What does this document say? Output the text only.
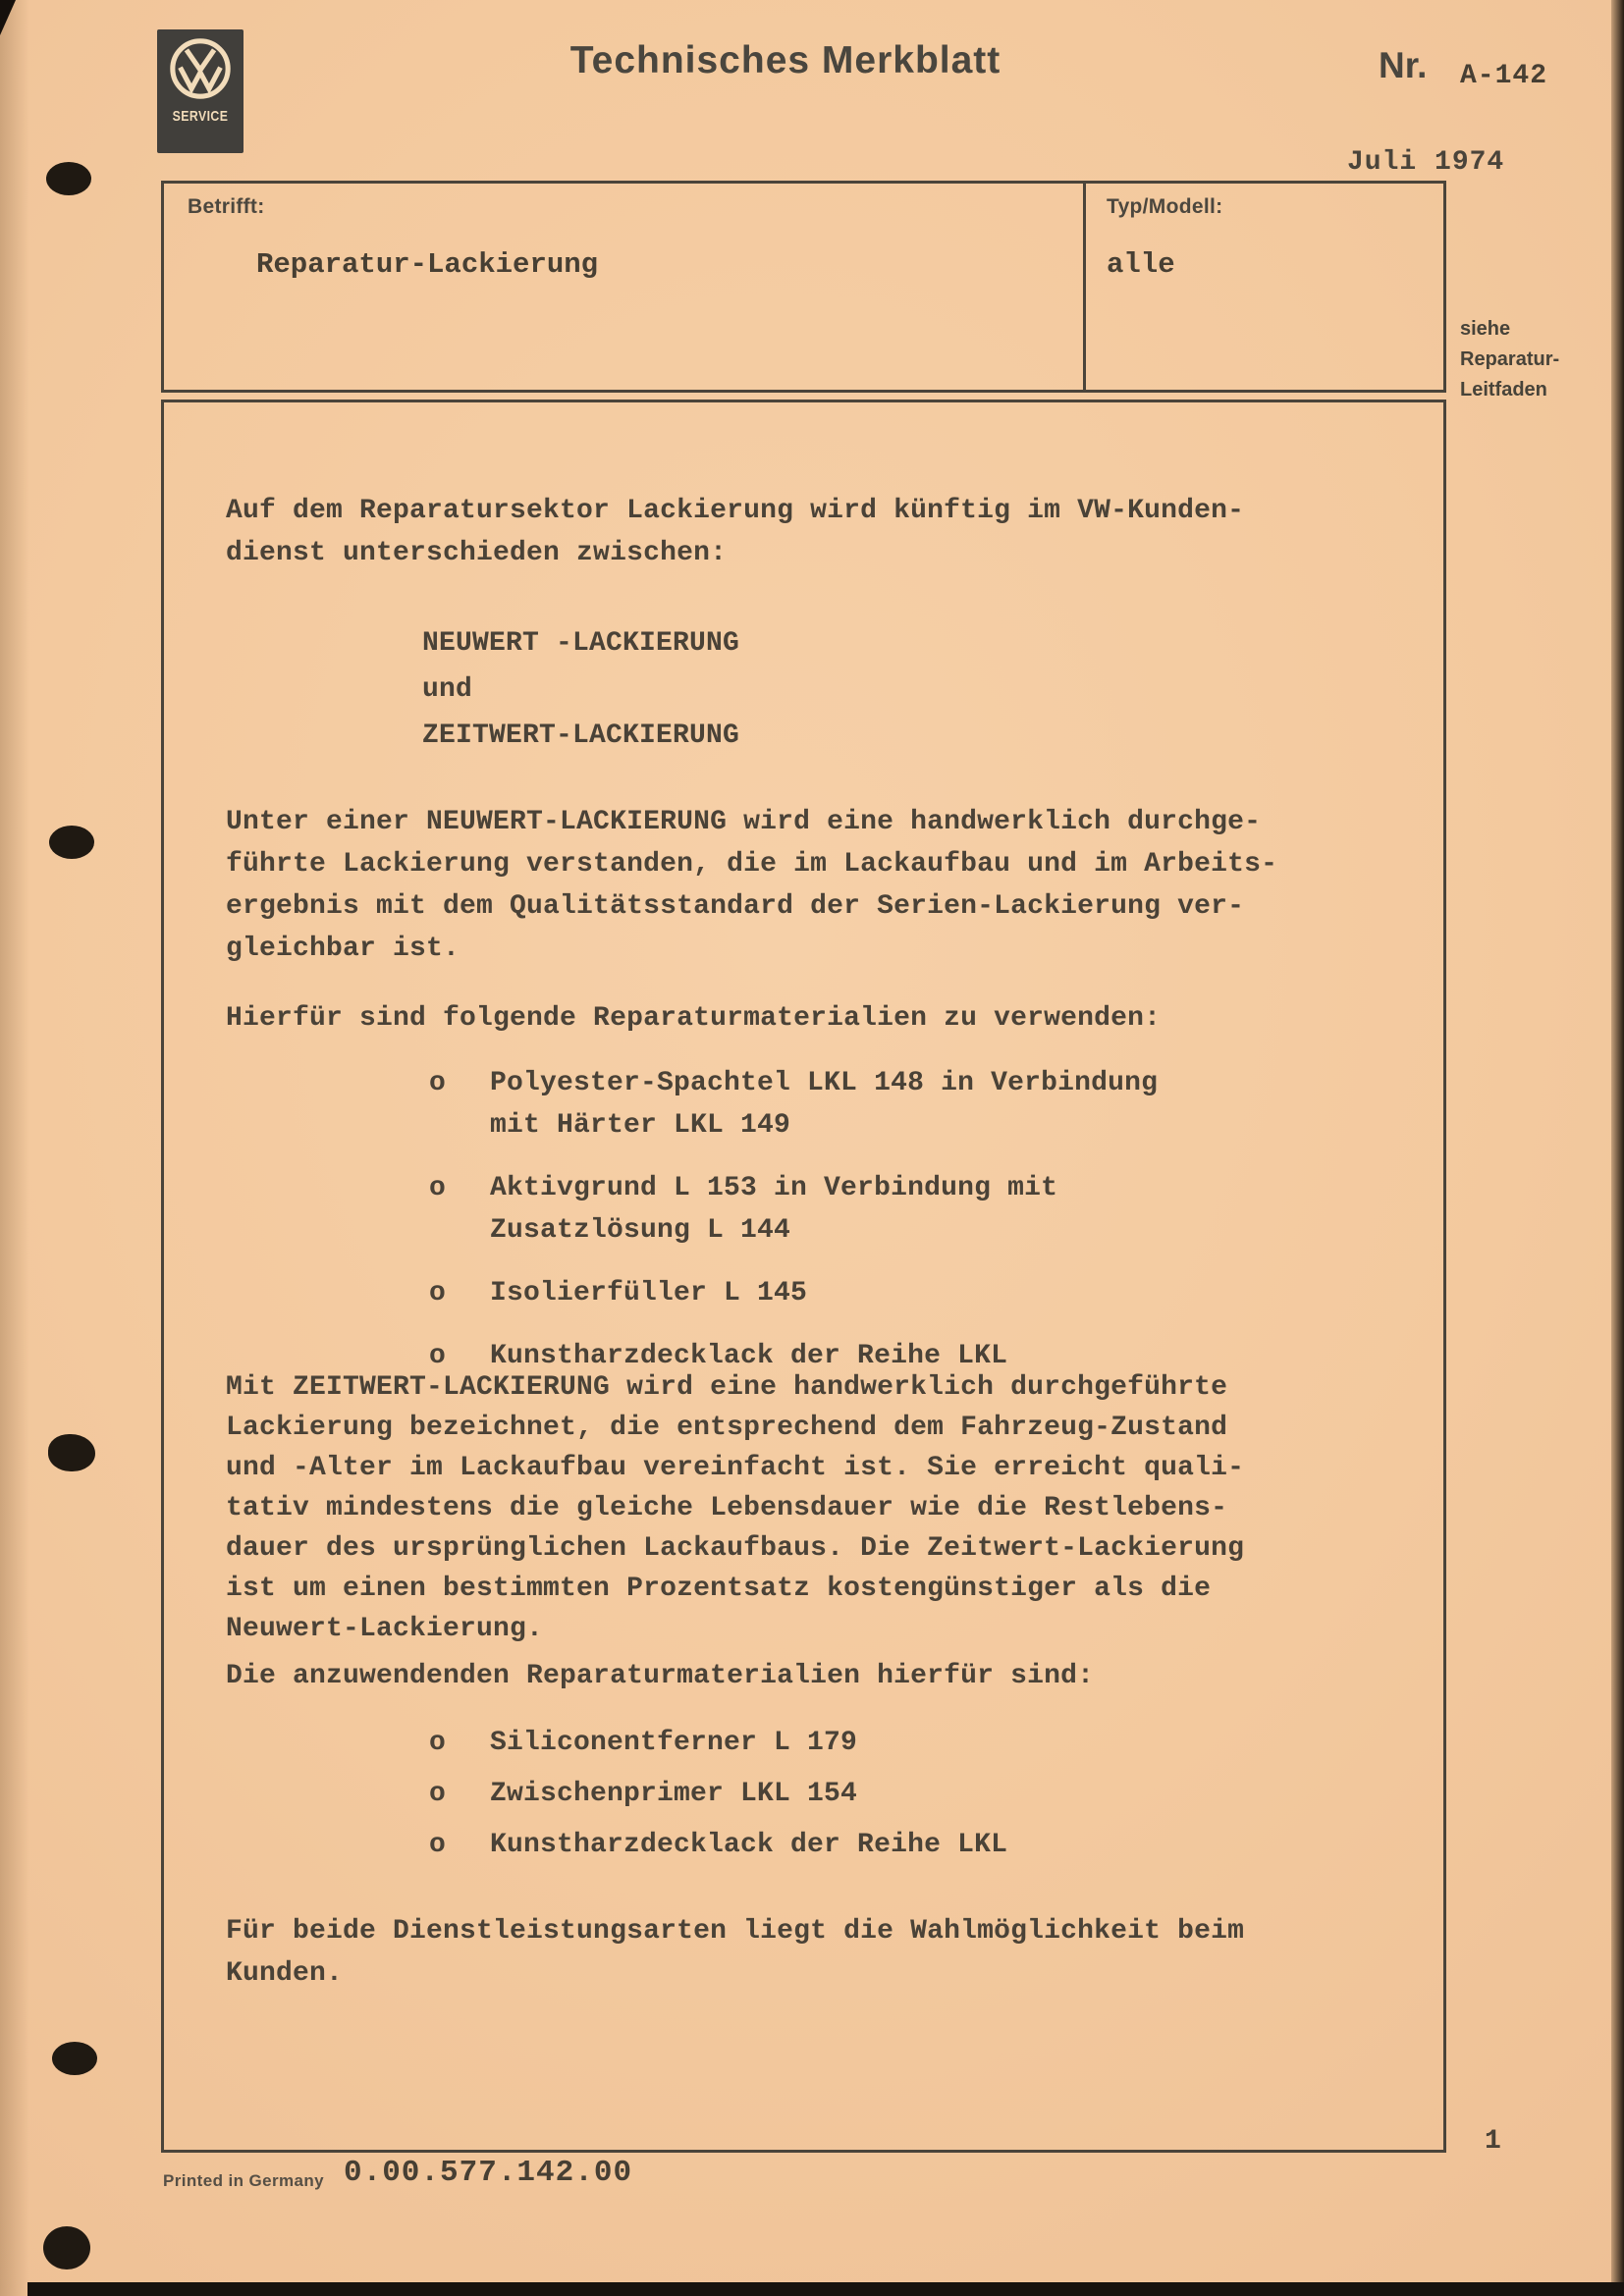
SERVICE
Technisches Merkblatt	Nr. A-142
Juli 1974
Betrifft:
Reparatur-Lackierung
Typ/Modell:
alle
siehe
Reparatur-
Leitfaden
Auf dem Reparatursektor Lackierung wird künftig im VW-Kunden-
dienst unterschieden zwischen:
NEUWERT -LACKIERUNG
und
ZEITWERT-LACKIERUNG
Unter einer NEUWERT-LACKIERUNG wird eine handwerklich durchge-
führte Lackierung verstanden, die im Lackaufbau und im Arbeits-
ergebnis mit dem Qualitätsstandard der Serien-Lackierung ver-
gleichbar ist.
Hierfür sind folgende Reparaturmaterialien zu verwenden:
o	Polyester-Spachtel LKL 148 in Verbindung
mit Härter LKL 149
o	Aktivgrund L 153 in Verbindung mit
Zusatzlösung L 144
o	Isolierfüller L 145
o	Kunstharzdecklack der Reihe LKL
Mit ZEITWERT-LACKIERUNG wird eine handwerklich durchgeführte
Lackierung bezeichnet, die entsprechend dem Fahrzeug-Zustand
und -Alter im Lackaufbau vereinfacht ist. Sie erreicht quali-
tativ mindestens die gleiche Lebensdauer wie die Restlebens-
dauer des ursprünglichen Lackaufbaus. Die Zeitwert-Lackierung
ist um einen bestimmten Prozentsatz kostengünstiger als die
Neuwert-Lackierung.
Die anzuwendenden Reparaturmaterialien hierfür sind:
o	Siliconentferner L 179
o	Zwischenprimer LKL 154
o	Kunstharzdecklack der Reihe LKL
Für beide Dienstleistungsarten liegt die Wahlmöglichkeit beim
Kunden.
Printed in Germany 0.00.577.142.00
1
